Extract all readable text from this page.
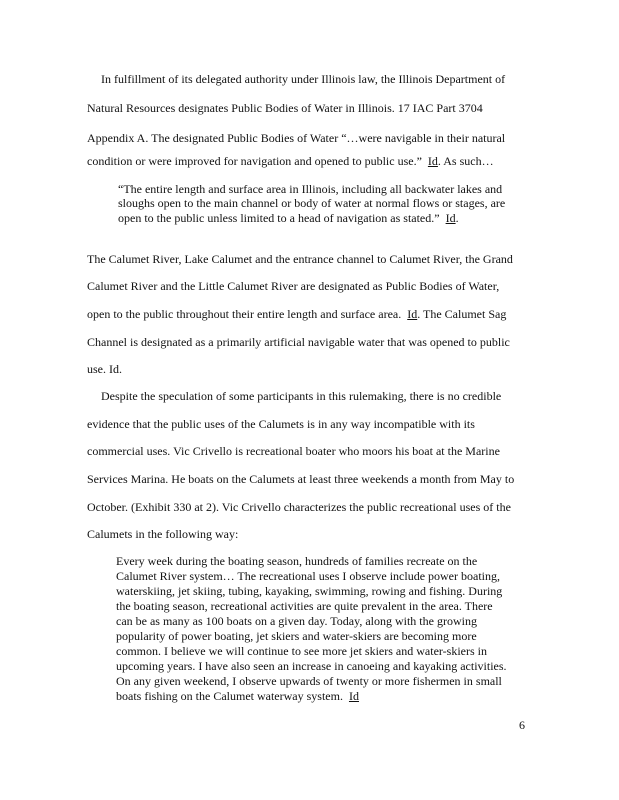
In fulfillment of its delegated authority under Illinois law, the Illinois Department of
Natural Resources designates Public Bodies of Water in Illinois. 17 IAC Part 3704
Appendix A. The designated Public Bodies of Water “…were navigable in their natural
condition or were improved for navigation and opened to public use.” Id. As such…
“The entire length and surface area in Illinois, including all backwater lakes and
sloughs open to the main channel or body of water at normal flows or stages, are
open to the public unless limited to a head of navigation as stated.” Id.
The Calumet River, Lake Calumet and the entrance channel to Calumet River, the Grand
Calumet River and the Little Calumet River are designated as Public Bodies of Water,
open to the public throughout their entire length and surface area. Id. The Calumet Sag
Channel is designated as a primarily artificial navigable water that was opened to public
use. Id.
Despite the speculation of some participants in this rulemaking, there is no credible
evidence that the public uses of the Calumets is in any way incompatible with its
commercial uses. Vic Crivello is recreational boater who moors his boat at the Marine
Services Marina. He boats on the Calumets at least three weekends a month from May to
October. (Exhibit 330 at 2). Vic Crivello characterizes the public recreational uses of the
Calumets in the following way:
Every week during the boating season, hundreds of families recreate on the
Calumet River system… The recreational uses I observe include power boating,
waterskiing, jet skiing, tubing, kayaking, swimming, rowing and fishing. During
the boating season, recreational activities are quite prevalent in the area. There
can be as many as 100 boats on a given day. Today, along with the growing
popularity of power boating, jet skiers and water-skiers are becoming more
common. I believe we will continue to see more jet skiers and water-skiers in
upcoming years. I have also seen an increase in canoeing and kayaking activities.
On any given weekend, I observe upwards of twenty or more fishermen in small
boats fishing on the Calumet waterway system. Id
6
